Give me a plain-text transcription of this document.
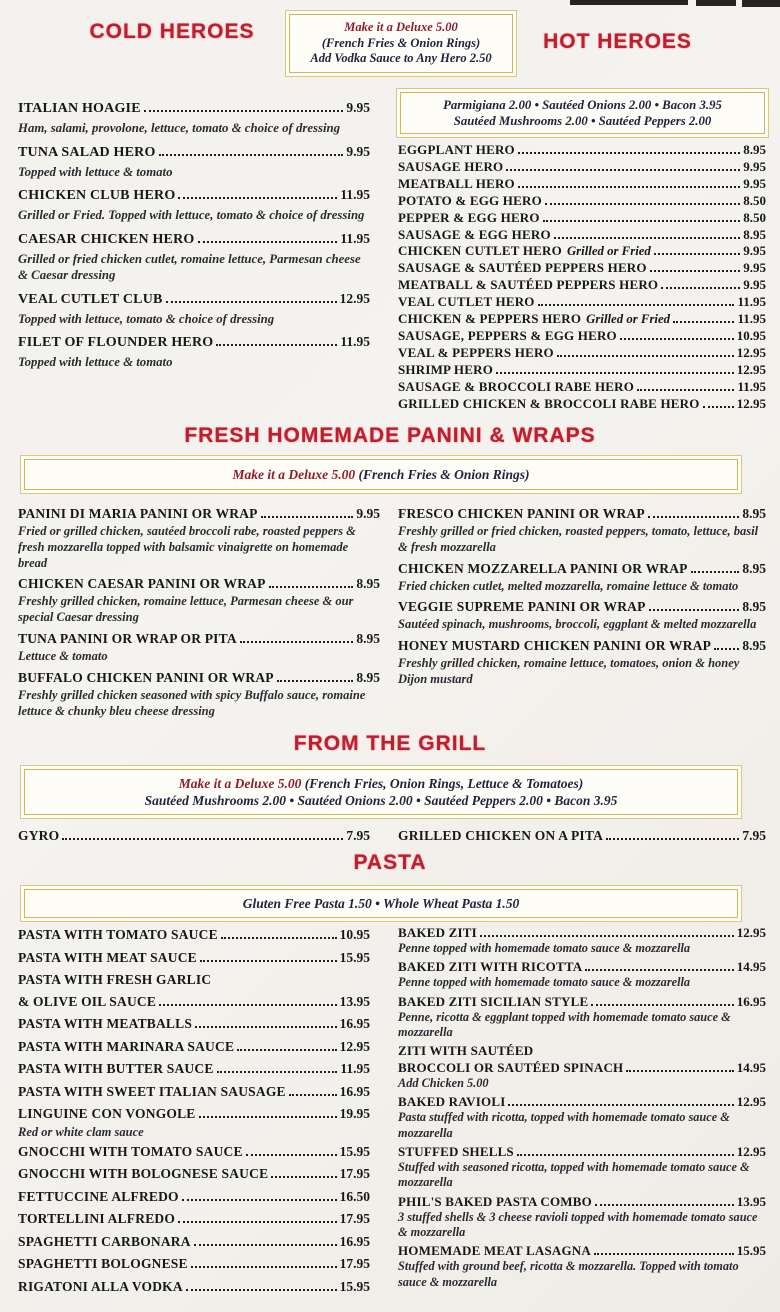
COLD HEROES	Make it a Deluxe 5.00
(French Fries & Onion Rings)
Add Vodka Sauce to Any Hero 2.50
HOT HEROES
Parmigiana 2.00 • Sautéed Onions 2.00 • Bacon 3.95
Sautéed Mushrooms 2.00 • Sautéed Peppers 2.00
ITALIAN HOAGIE	9.95
Ham, salami, provolone, lettuce, tomato & choice of dressing
TUNA SALAD HERO	9.95
Topped with lettuce & tomato
CHICKEN CLUB HERO	11.95
Grilled or Fried. Topped with lettuce, tomato & choice of dressing
CAESAR CHICKEN HERO	11.95
Grilled or fried chicken cutlet, romaine lettuce, Parmesan cheese & Caesar dressing
VEAL CUTLET CLUB	12.95
Topped with lettuce, tomato & choice of dressing
FILET OF FLOUNDER HERO	11.95
Topped with lettuce & tomato
EGGPLANT HERO	8.95
SAUSAGE HERO	9.95
MEATBALL HERO	9.95
POTATO & EGG HERO	8.50
PEPPER & EGG HERO	8.50
SAUSAGE & EGG HERO	8.95
CHICKEN CUTLET HERO Grilled or Fried	9.95
SAUSAGE & SAUTÉED PEPPERS HERO	9.95
MEATBALL & SAUTÉED PEPPERS HERO	9.95
VEAL CUTLET HERO	11.95
CHICKEN & PEPPERS HERO Grilled or Fried	11.95
SAUSAGE, PEPPERS & EGG HERO	10.95
VEAL & PEPPERS HERO	12.95
SHRIMP HERO	12.95
SAUSAGE & BROCCOLI RABE HERO	11.95
GRILLED CHICKEN & BROCCOLI RABE HERO	12.95
FRESH HOMEMADE PANINI & WRAPS
Make it a Deluxe 5.00 (French Fries & Onion Rings)
PANINI DI MARIA PANINI OR WRAP	9.95
Fried or grilled chicken, sautéed broccoli rabe, roasted peppers & fresh mozzarella topped with balsamic vinaigrette on homemade bread
CHICKEN CAESAR PANINI OR WRAP	8.95
Freshly grilled chicken, romaine lettuce, Parmesan cheese & our special Caesar dressing
TUNA PANINI OR WRAP OR PITA	8.95
Lettuce & tomato
BUFFALO CHICKEN PANINI OR WRAP	8.95
Freshly grilled chicken seasoned with spicy Buffalo sauce, romaine lettuce & chunky bleu cheese dressing
FRESCO CHICKEN PANINI OR WRAP	8.95
Freshly grilled or fried chicken, roasted peppers, tomato, lettuce, basil & fresh mozzarella
CHICKEN MOZZARELLA PANINI OR WRAP	8.95
Fried chicken cutlet, melted mozzarella, romaine lettuce & tomato
VEGGIE SUPREME PANINI OR WRAP	8.95
Sautéed spinach, mushrooms, broccoli, eggplant & melted mozzarella
HONEY MUSTARD CHICKEN PANINI OR WRAP 8.95
Freshly grilled chicken, romaine lettuce, tomatoes, onion & honey Dijon mustard
FROM THE GRILL
Make it a Deluxe 5.00 (French Fries, Onion Rings, Lettuce & Tomatoes)
Sautéed Mushrooms 2.00 • Sautéed Onions 2.00 • Sautéed Peppers 2.00 • Bacon 3.95
GYRO	7.95 GRILLED CHICKEN ON A PITA	7.95
PASTA
Gluten Free Pasta 1.50 • Whole Wheat Pasta 1.50
PASTA WITH TOMATO SAUCE	10.95
PASTA WITH MEAT SAUCE	15.95
PASTA WITH FRESH GARLIC
& OLIVE OIL SAUCE	13.95
PASTA WITH MEATBALLS	16.95
PASTA WITH MARINARA SAUCE	12.95
PASTA WITH BUTTER SAUCE	11.95
PASTA WITH SWEET ITALIAN SAUSAGE	16.95
LINGUINE CON VONGOLE	19.95
Red or white clam sauce
GNOCCHI WITH TOMATO SAUCE	15.95
GNOCCHI WITH BOLOGNESE SAUCE	17.95
FETTUCCINE ALFREDO	16.50
TORTELLINI ALFREDO	17.95
SPAGHETTI CARBONARA	16.95
SPAGHETTI BOLOGNESE	17.95
RIGATONI ALLA VODKA	15.95
BAKED ZITI	12.95
Penne topped with homemade tomato sauce & mozzarella
BAKED ZITI WITH RICOTTA	14.95
Penne topped with homemade tomato sauce & mozzarella
BAKED ZITI SICILIAN STYLE	16.95
Penne, ricotta & eggplant topped with homemade tomato sauce & mozzarella
ZITI WITH SAUTÉED
BROCCOLI OR SAUTÉED SPINACH	14.95
Add Chicken 5.00
BAKED RAVIOLI	12.95
Pasta stuffed with ricotta, topped with homemade tomato sauce & mozzarella
STUFFED SHELLS	12.95
Stuffed with seasoned ricotta, topped with homemade tomato sauce & mozzarella
PHIL'S BAKED PASTA COMBO	13.95
3 stuffed shells & 3 cheese ravioli topped with homemade tomato sauce & mozzarella
HOMEMADE MEAT LASAGNA	15.95
Stuffed with ground beef, ricotta & mozzarella. Topped with tomato sauce & mozzarella
